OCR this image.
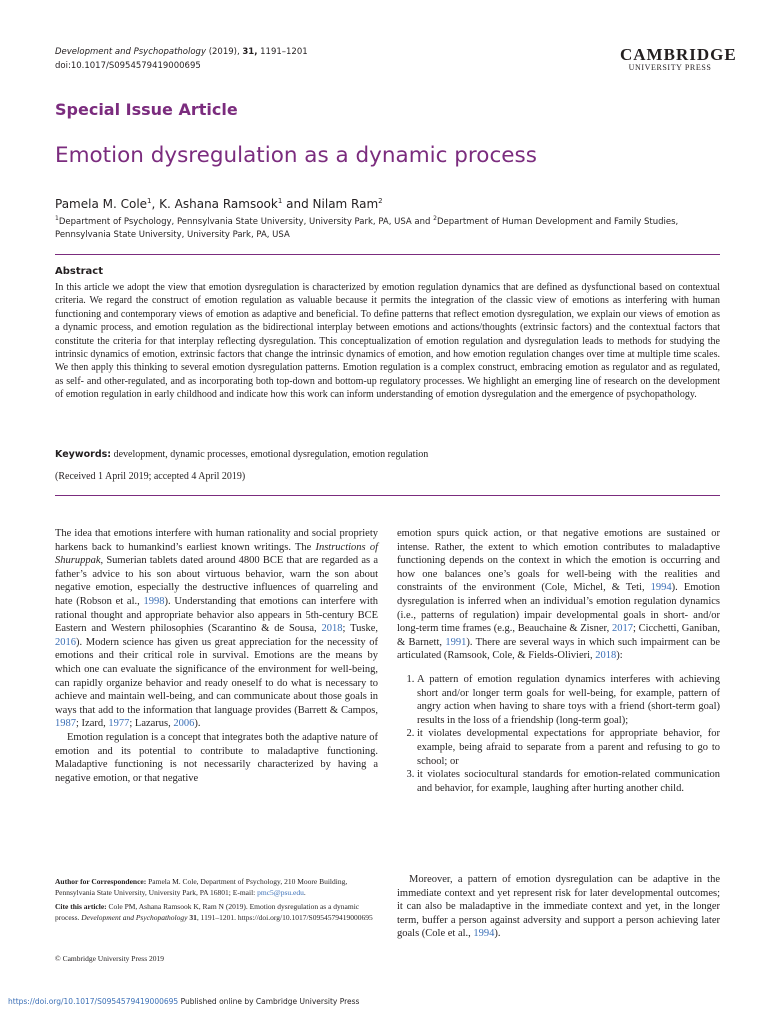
Development and Psychopathology (2019), 31, 1191–1201
doi:10.1017/S0954579419000695
CAMBRIDGE
UNIVERSITY PRESS
Special Issue Article
Emotion dysregulation as a dynamic process
Pamela M. Cole$^1$, K. Ashana Ramsook$^1$ and Nilam Ram$^2$
$^1$Department of Psychology, Pennsylvania State University, University Park, PA, USA and $^2$Department of Human Development and Family Studies, Pennsylvania State University, University Park, PA, USA
Abstract
In this article we adopt the view that emotion dysregulation is characterized by emotion regulation dynamics that are defined as dysfunctional based on contextual criteria. We regard the construct of emotion regulation as valuable because it permits the integration of the classic view of emotions as interfering with human functioning and contemporary views of emotion as adaptive and beneficial. To define patterns that reflect emotion dysregulation, we explain our views of emotion as a dynamic process, and emotion regulation as the bidirectional interplay between emotions and actions/thoughts (extrinsic factors) and the contextual factors that constitute the criteria for that interplay reflecting dysregulation. This conceptualization of emotion regulation and dysregulation leads to methods for studying the intrinsic dynamics of emotion, extrinsic factors that change the intrinsic dynamics of emotion, and how emotion regulation changes over time at multiple time scales. We then apply this thinking to several emotion dysregulation patterns. Emotion regulation is a complex construct, embracing emotion as regulator and as regulated, as self- and other-regulated, and as incorporating both top-down and bottom-up regulatory processes. We highlight an emerging line of research on the development of emotion regulation in early childhood and indicate how this work can inform understanding of emotion dysregulation and the emergence of psychopathology.
Keywords: development, dynamic processes, emotional dysregulation, emotion regulation
(Received 1 April 2019; accepted 4 April 2019)

The idea that emotions interfere with human rationality and social propriety harkens back to humankind’s earliest known writings. The Instructions of Shuruppak, Sumerian tablets dated around 4800 BCE that are regarded as a father’s advice to his son about virtuous behavior, warn the son about negative emotion, especially the destructive influences of quarreling and hate (Robson et al., 1998). Understanding that emotions can interfere with rational thought and appropriate behavior also appears in 5th-century BCE Eastern and Western philosophies (Scarantino & de Sousa, 2018; Tuske, 2016). Modern science has given us great appreciation for the necessity of emotions and their critical role in survival. Emotions are the means by which one can evaluate the significance of the environment for well-being, can rapidly organize behavior and ready oneself to do what is necessary to achieve and maintain well-being, and can communicate about those goals in ways that add to the information that language provides (Barrett & Campos, 1987; Izard, 1977; Lazarus, 2006).

Emotion regulation is a concept that integrates both the adaptive nature of emotion and its potential to contribute to maladaptive functioning. Maladaptive functioning is not necessarily characterized by having a negative emotion, or that negative

Author for Correspondence: Pamela M. Cole, Department of Psychology, 210 Moore Building, Pennsylvania State University, University Park, PA 16801; E-mail: pmc5@psu.edu.

Cite this article: Cole PM, Ashana Ramsook K, Ram N (2019). Emotion dysregulation as a dynamic process. Development and Psychopathology 31, 1191–1201. https://doi.org/10.1017/S0954579419000695

© Cambridge University Press 2019

emotion spurs quick action, or that negative emotions are sustained or intense. Rather, the extent to which emotion contributes to maladaptive functioning depends on the context in which the emotion is occurring and how one balances one’s goals for well-being with the realities and constraints of the environment (Cole, Michel, & Teti, 1994). Emotion dysregulation is inferred when an individual’s emotion regulation dynamics (i.e., patterns of regulation) impair developmental goals in short- and/or long-term time frames (e.g., Beauchaine & Zisner, 2017; Cicchetti, Ganiban, & Barnett, 1991). There are several ways in which such impairment can be articulated (Ramsook, Cole, & Fields-Olivieri, 2018):

1. A pattern of emotion regulation dynamics interferes with achieving short and/or longer term goals for well-being, for example, pattern of angry action when having to share toys with a friend (short-term goal) results in the loss of a friendship (long-term goal);
2. it violates developmental expectations for appropriate behavior, for example, being afraid to separate from a parent and refusing to go to school; or
3. it violates sociocultural standards for emotion-related communication and behavior, for example, laughing after hurting another child.

Moreover, a pattern of emotion dysregulation can be adaptive in the immediate context and yet represent risk for later developmental outcomes; it can also be maladaptive in the immediate context and yet, in the longer term, buffer a person against adversity and support a person achieving later goals (Cole et al., 1994).

https://doi.org/10.1017/S0954579419000695 Published online by Cambridge University Press
